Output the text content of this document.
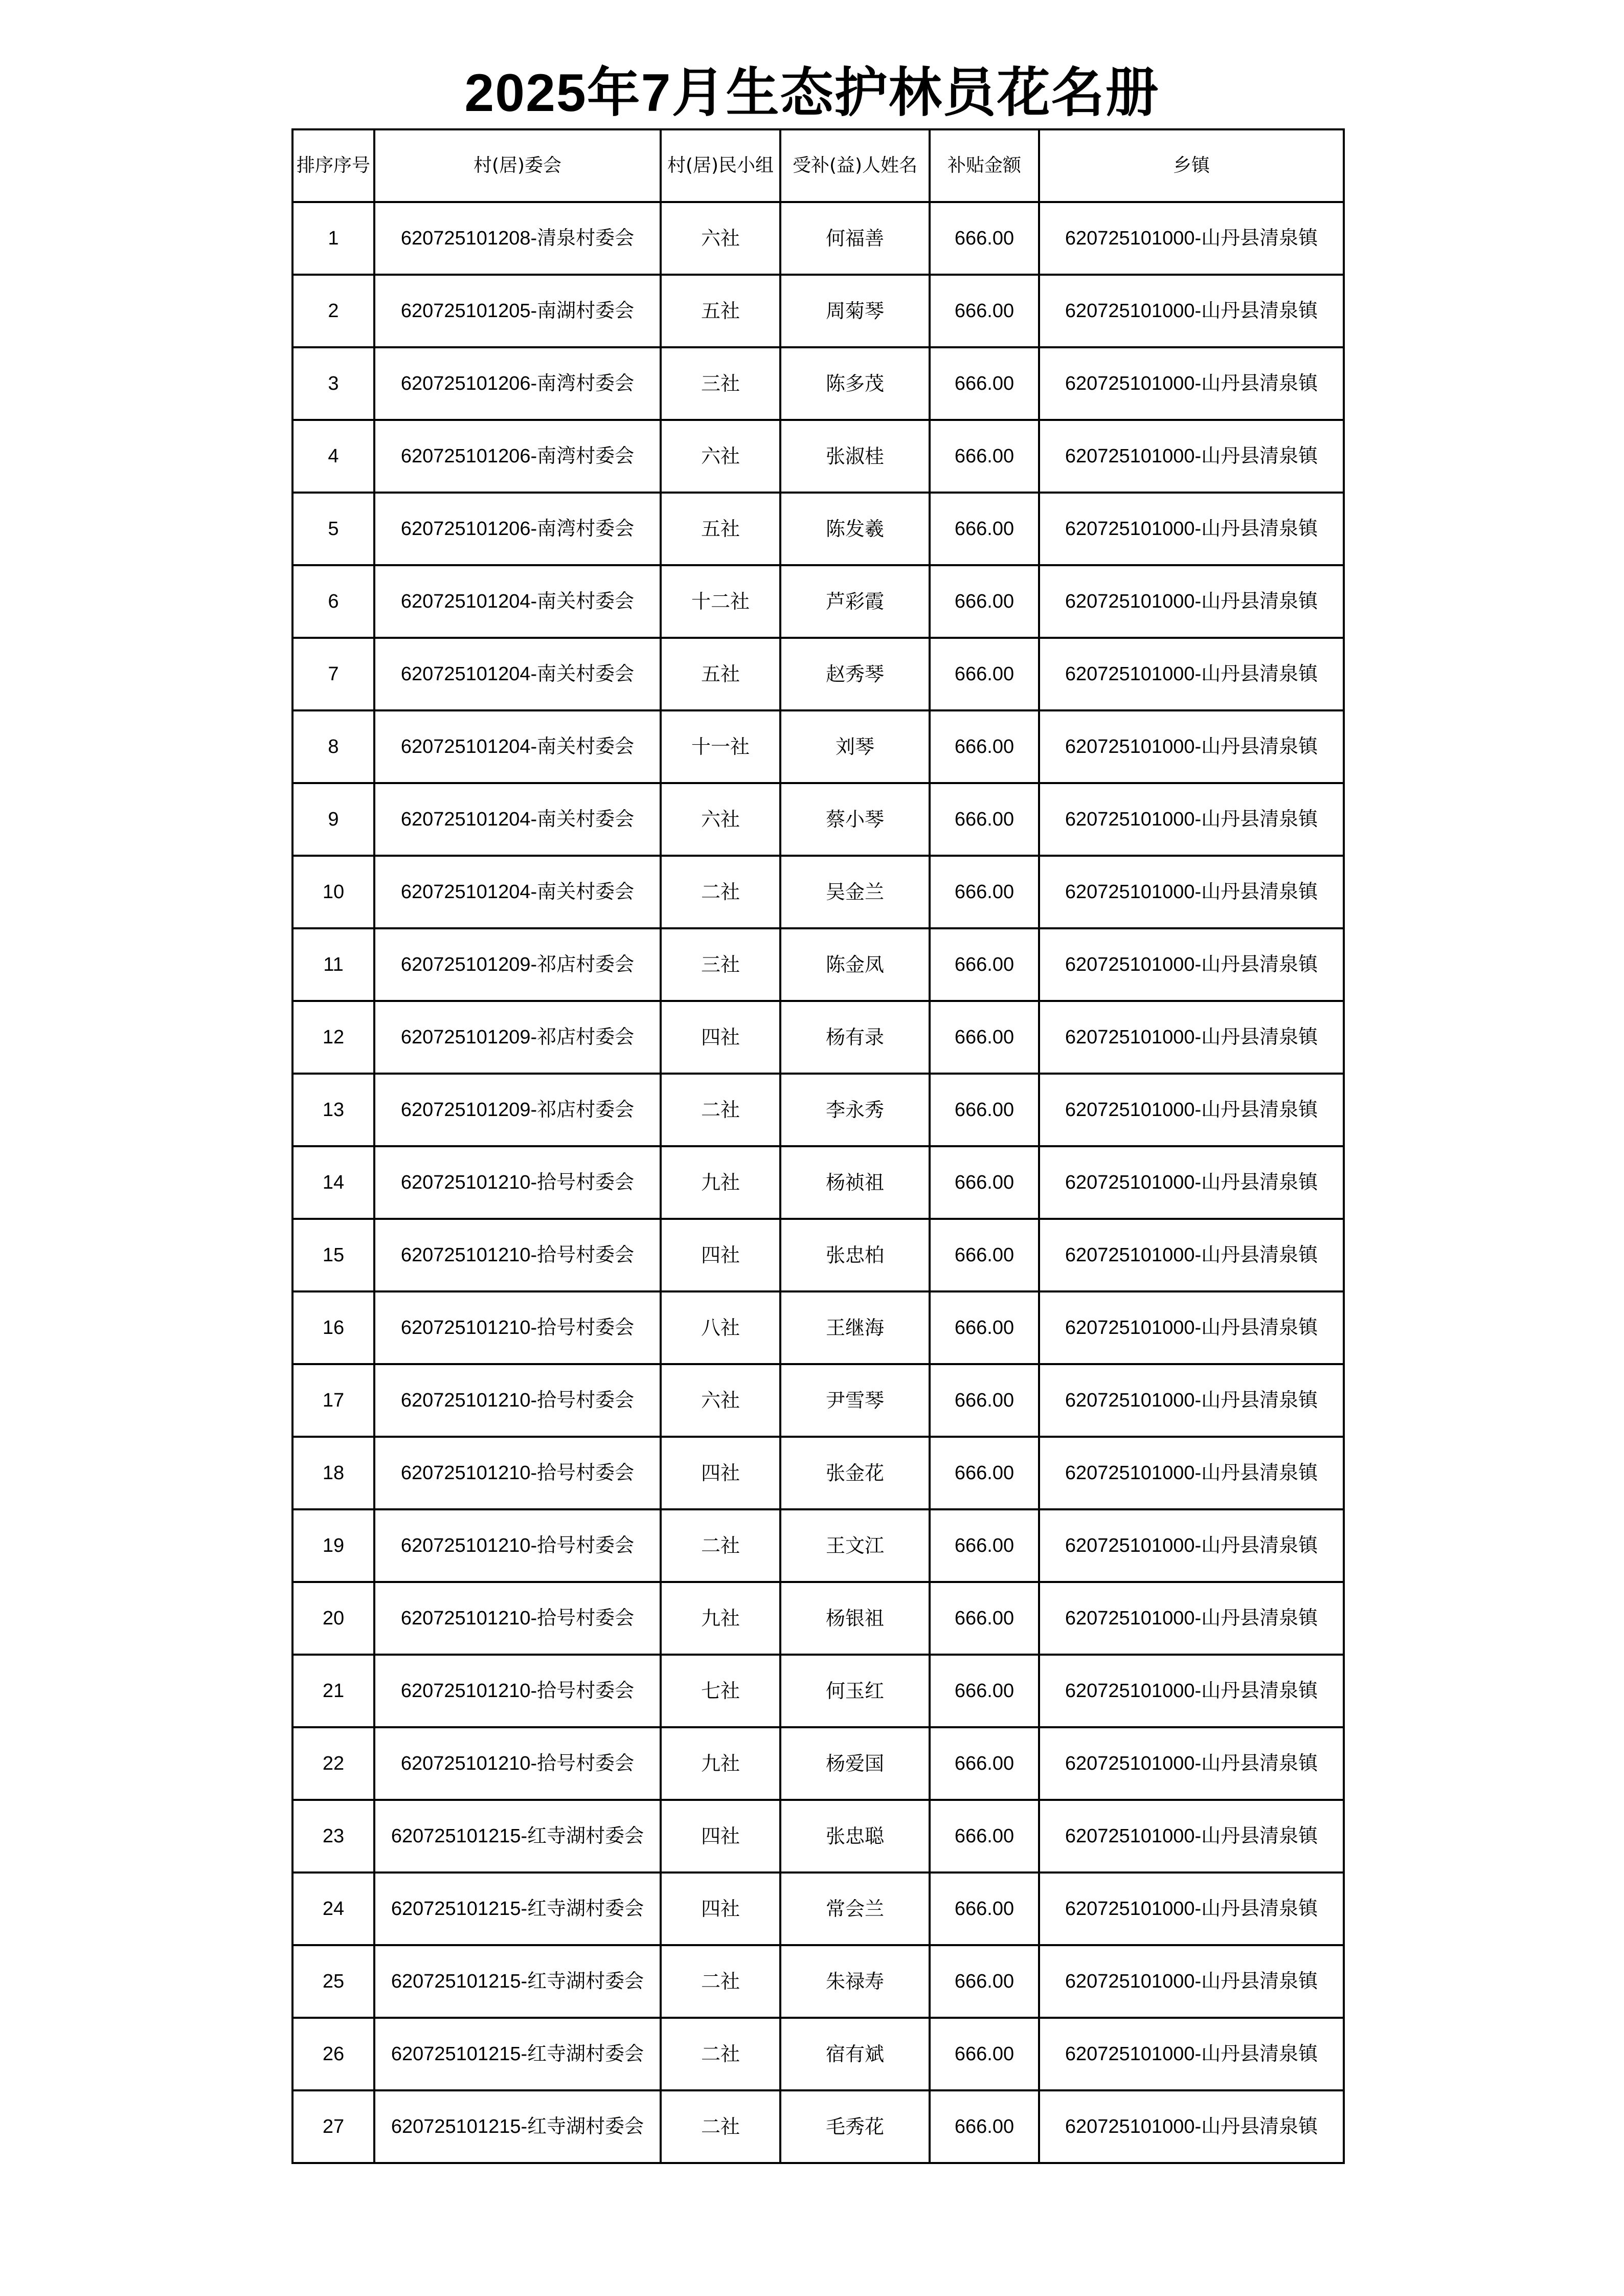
2025年7月生态护林员花名册
排序序号	村(居)委会	村(居)民小组	受补(益)人姓名	补贴金额	乡镇
1	620725101208-清泉村委会	六社	何福善	666.00	620725101000-山丹县清泉镇
2	620725101205-南湖村委会	五社	周菊琴	666.00	620725101000-山丹县清泉镇
3	620725101206-南湾村委会	三社	陈多茂	666.00	620725101000-山丹县清泉镇
4	620725101206-南湾村委会	六社	张淑桂	666.00	620725101000-山丹县清泉镇
5	620725101206-南湾村委会	五社	陈发羲	666.00	620725101000-山丹县清泉镇
6	620725101204-南关村委会	十二社	芦彩霞	666.00	620725101000-山丹县清泉镇
7	620725101204-南关村委会	五社	赵秀琴	666.00	620725101000-山丹县清泉镇
8	620725101204-南关村委会	十一社	刘琴	666.00	620725101000-山丹县清泉镇
9	620725101204-南关村委会	六社	蔡小琴	666.00	620725101000-山丹县清泉镇
10	620725101204-南关村委会	二社	吴金兰	666.00	620725101000-山丹县清泉镇
11	620725101209-祁店村委会	三社	陈金凤	666.00	620725101000-山丹县清泉镇
12	620725101209-祁店村委会	四社	杨有录	666.00	620725101000-山丹县清泉镇
13	620725101209-祁店村委会	二社	李永秀	666.00	620725101000-山丹县清泉镇
14	620725101210-拾号村委会	九社	杨祯祖	666.00	620725101000-山丹县清泉镇
15	620725101210-拾号村委会	四社	张忠柏	666.00	620725101000-山丹县清泉镇
16	620725101210-拾号村委会	八社	王继海	666.00	620725101000-山丹县清泉镇
17	620725101210-拾号村委会	六社	尹雪琴	666.00	620725101000-山丹县清泉镇
18	620725101210-拾号村委会	四社	张金花	666.00	620725101000-山丹县清泉镇
19	620725101210-拾号村委会	二社	王文江	666.00	620725101000-山丹县清泉镇
20	620725101210-拾号村委会	九社	杨银祖	666.00	620725101000-山丹县清泉镇
21	620725101210-拾号村委会	七社	何玉红	666.00	620725101000-山丹县清泉镇
22	620725101210-拾号村委会	九社	杨爱国	666.00	620725101000-山丹县清泉镇
23	620725101215-红寺湖村委会	四社	张忠聪	666.00	620725101000-山丹县清泉镇
24	620725101215-红寺湖村委会	四社	常会兰	666.00	620725101000-山丹县清泉镇
25	620725101215-红寺湖村委会	二社	朱禄寿	666.00	620725101000-山丹县清泉镇
26	620725101215-红寺湖村委会	二社	宿有斌	666.00	620725101000-山丹县清泉镇
27	620725101215-红寺湖村委会	二社	毛秀花	666.00	620725101000-山丹县清泉镇
